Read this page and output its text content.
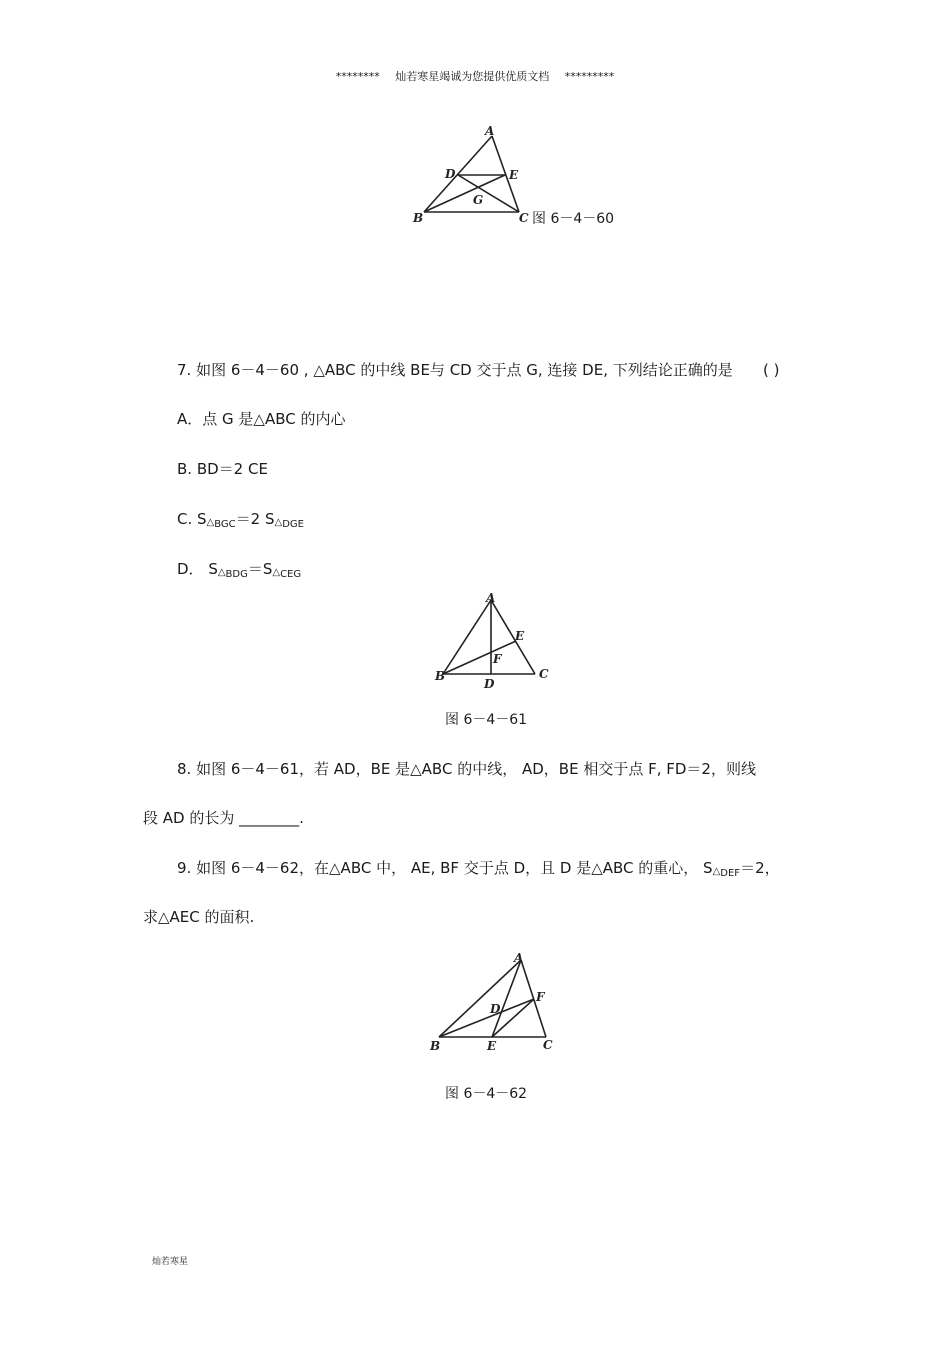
******** 灿若寒星竭诚为您提供优质文档 *********
A
D	E
G
B	C 图 6－4－60
7. 如图 6－4－60 , △ABC 的中线 BE与 CD 交于点 G, 连接 DE, 下列结论正确的是 ( )
A．点 G 是△ABC 的内心
B. BD＝2 CE
C. $S\triangle_{BGC}=2$ $S\triangle_{DGE}$
D． $S\triangle_{BDG}=S\triangle_{CEG}$
A
E
F
B	C
D
图 6－4－61
8. 如图 6－4－61，若 AD，BE 是△ABC 的中线， AD，BE 相交于点 F, FD＝2，则线
段 AD 的长为 ________.
9. 如图 6－4－62，在△ABC 中， AE, BF 交于点 D，且 D 是△ABC 的重心， $S\triangle_{DEF}=2$，
求△AEC 的面积.
A
F
D
B	E	C
图 6－4－62
灿若寒星
